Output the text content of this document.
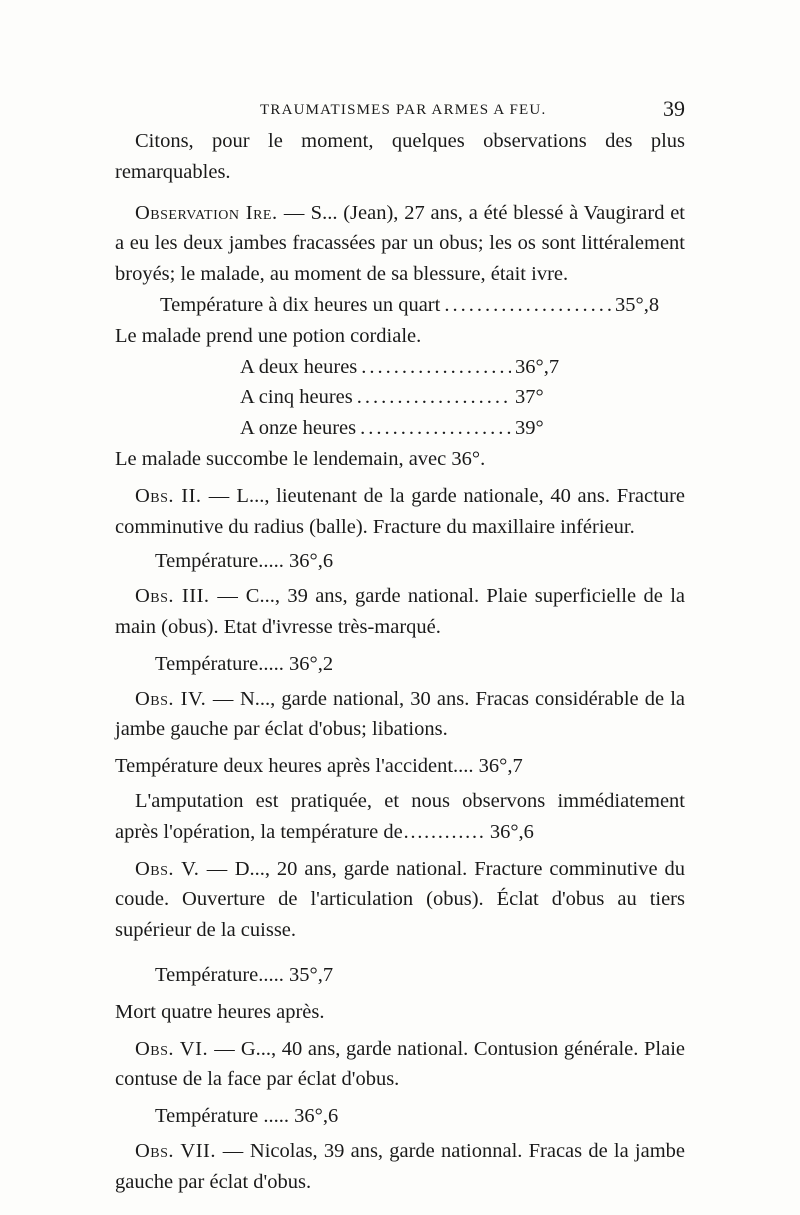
TRAUMATISMES PAR ARMES A FEU.	39

Citons, pour le moment, quelques observations des plus remarquables.

Observation Ire. — S... (Jean), 27 ans, a été blessé à Vaugirard et a eu les deux jambes fracassées par un obus; les os sont littéralement broyés; le malade, au moment de sa blessure, était ivre.

Température à dix heures un quart .....	35°,8

Le malade prend une potion cordiale.

A deux heures .....	36°,7
A cinq heures .....	37°
A onze heures .....	39°

Le malade succombe le lendemain, avec 36°.

Obs. II. — L..., lieutenant de la garde nationale, 40 ans. Fracture comminutive du radius (balle). Fracture du maxillaire inférieur.

Température..... 36°,6

Obs. III. — C..., 39 ans, garde national. Plaie superficielle de la main (obus). Etat d'ivresse très-marqué.

Température..... 36°,2

Obs. IV. — N..., garde national, 30 ans. Fracas considérable de la jambe gauche par éclat d'obus; libations.

Température deux heures après l'accident.... 36°,7

L'amputation est pratiquée, et nous observons immédiatement après l'opération, la température de………… 36°,6

Obs. V. — D..., 20 ans, garde national. Fracture comminutive du coude. Ouverture de l'articulation (obus). Éclat d'obus au tiers supérieur de la cuisse.

Température..... 35°,7

Mort quatre heures après.

Obs. VI. — G..., 40 ans, garde national. Contusion générale. Plaie contuse de la face par éclat d'obus.

Température ..... 36°,6

Obs. VII. — Nicolas, 39 ans, garde nationnal. Fracas de la jambe gauche par éclat d'obus.
